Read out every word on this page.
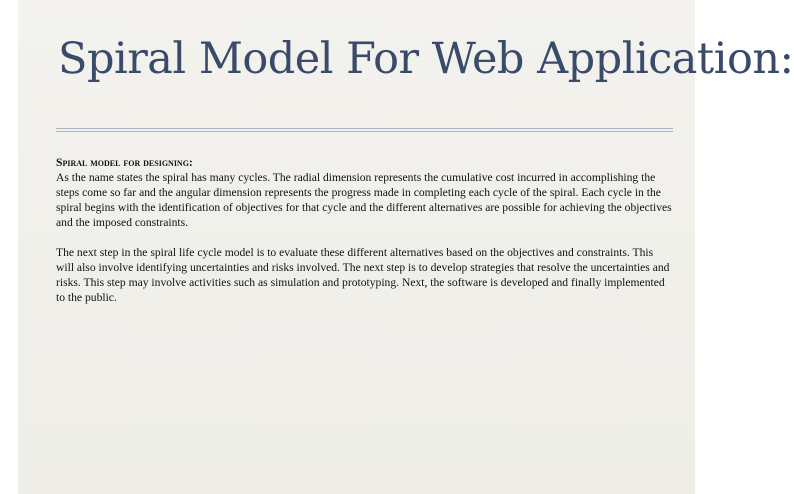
Spiral Model For Web Application:
Spiral model for designing:

As the name states the spiral has many cycles. The radial dimension represents the cumulative cost incurred in accomplishing the steps come so far and the angular dimension represents the progress made in completing each cycle of the spiral. Each cycle in the spiral begins with the identification of objectives for that cycle and the different alternatives are possible for achieving the objectives and the imposed constraints.

The next step in the spiral life cycle model is to evaluate these different alternatives based on the objectives and constraints. This will also involve identifying uncertainties and risks involved. The next step is to develop strategies that resolve the uncertainties and risks. This step may involve activities such as simulation and prototyping. Next, the software is developed and finally implemented to the public.
